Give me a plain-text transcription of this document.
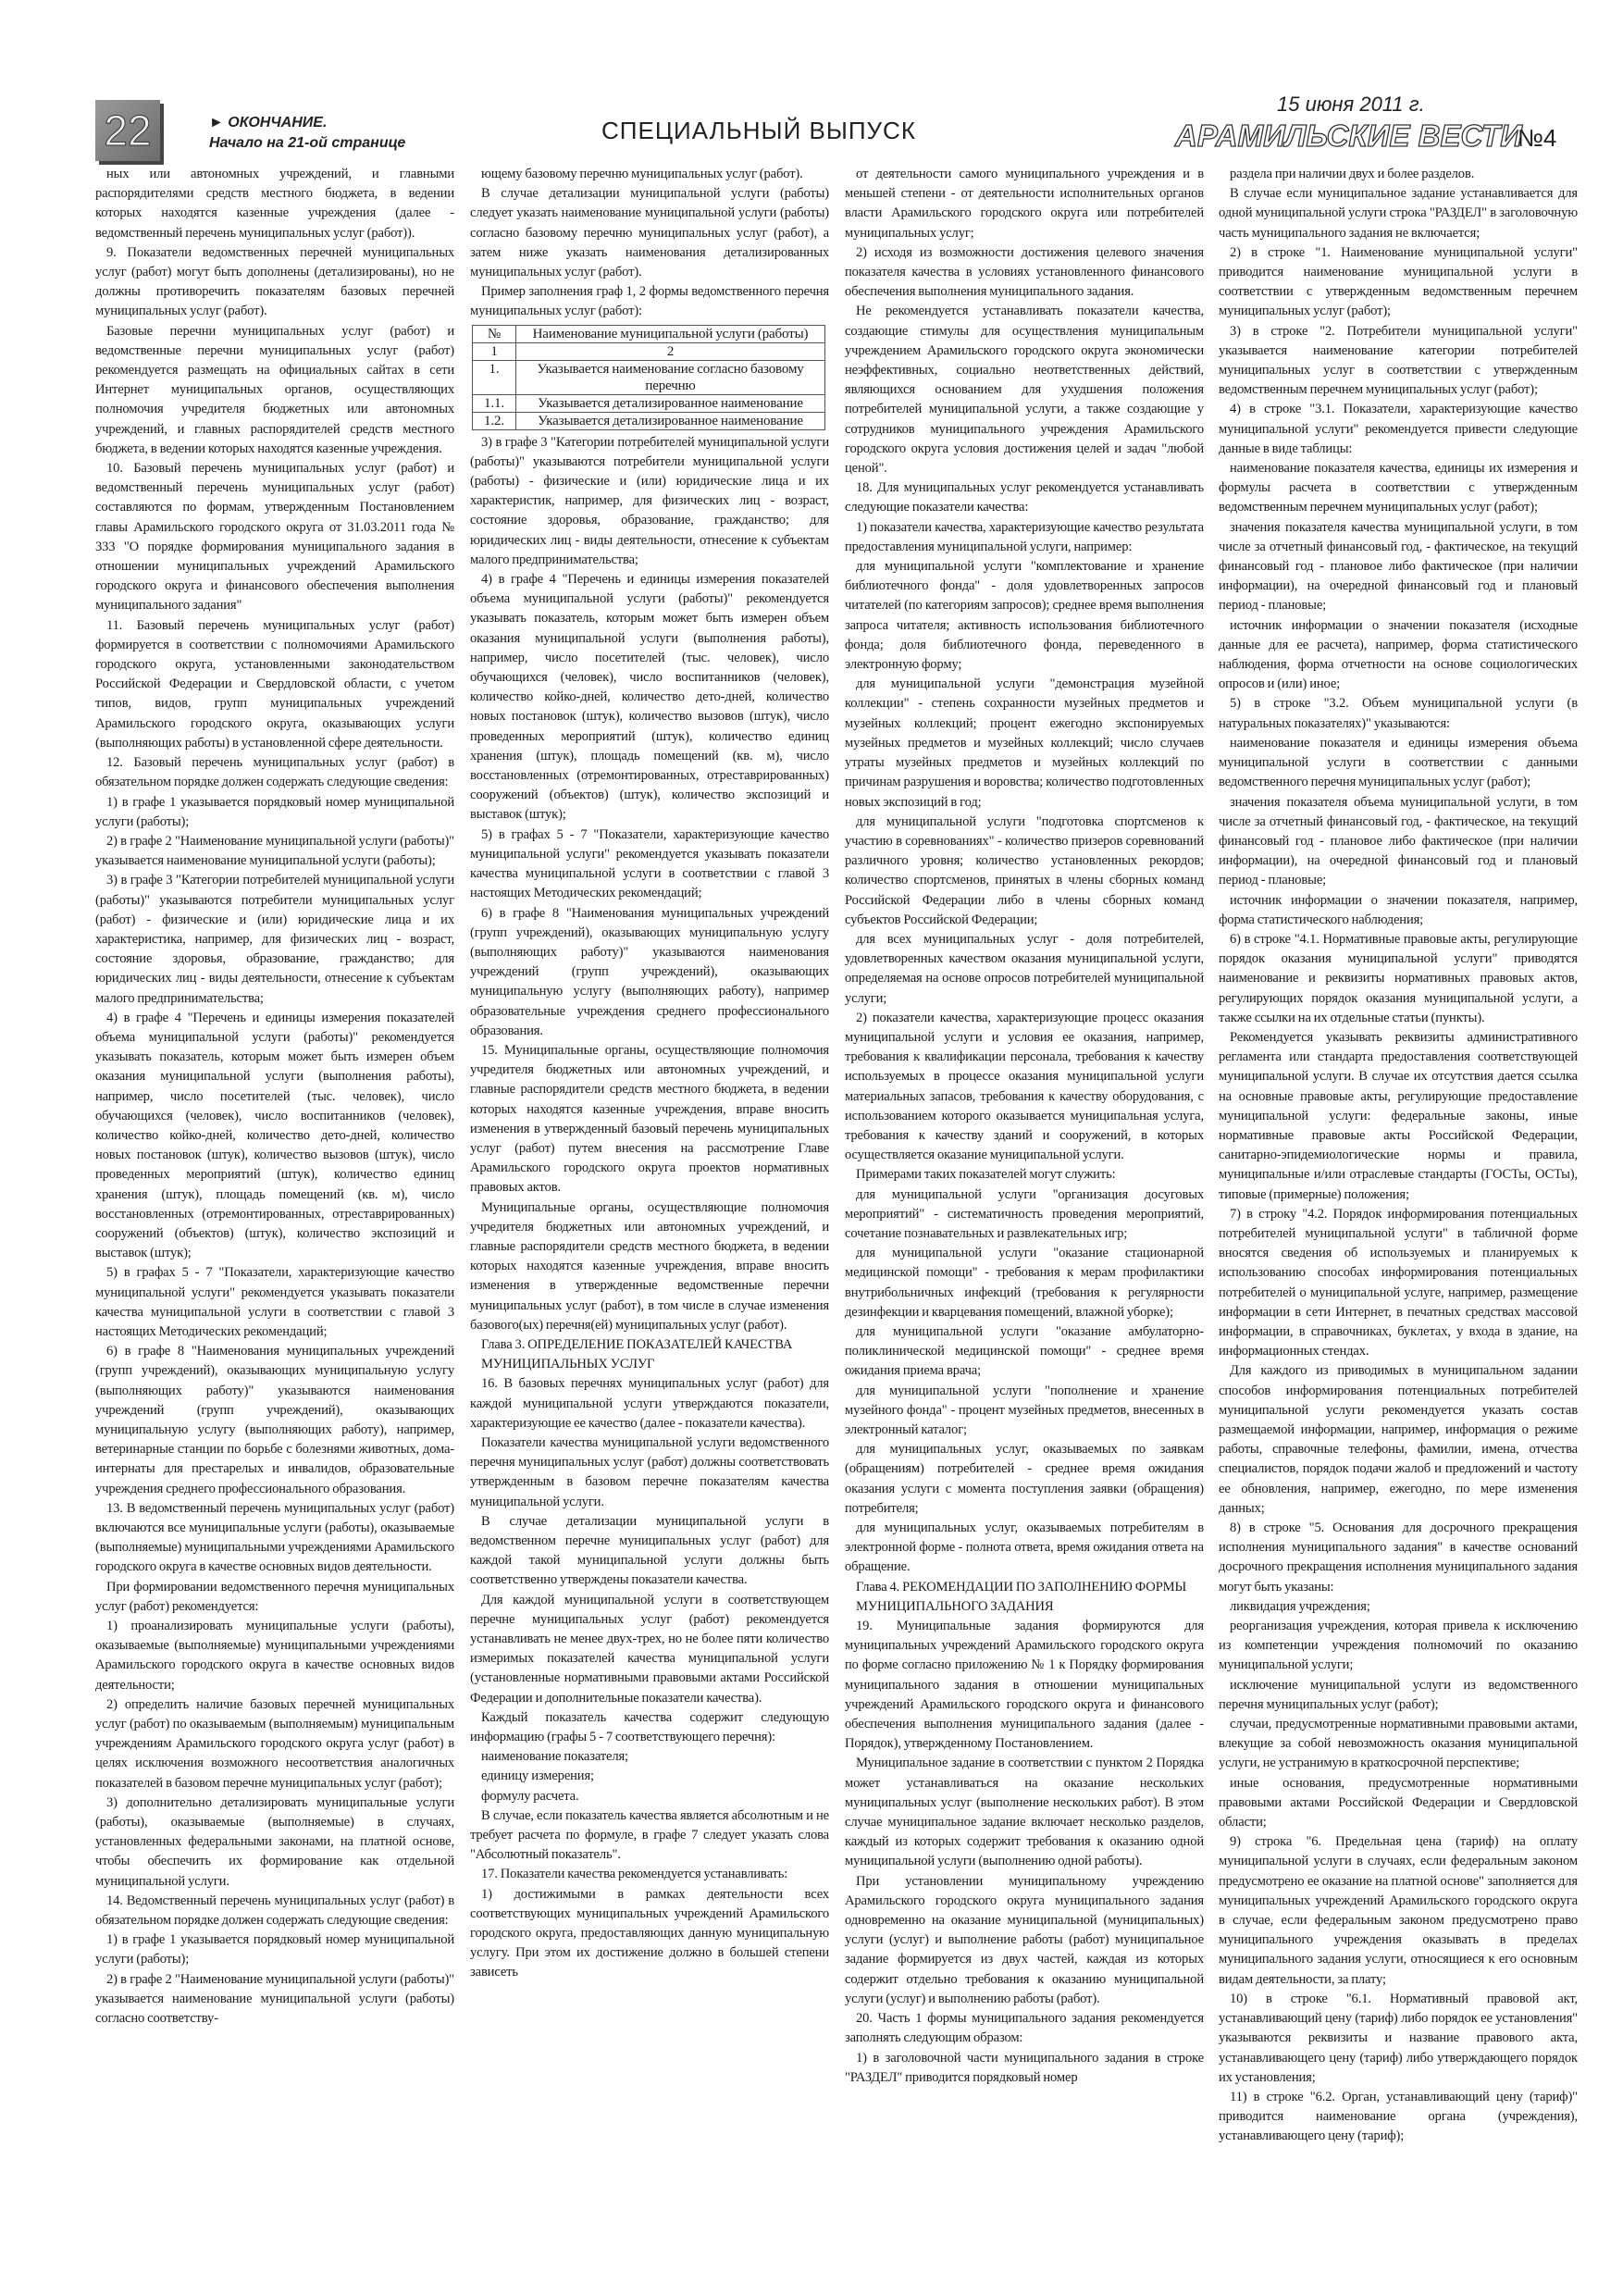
22	► ОКОНЧАНИЕ.
Начало на 21-ой странице	СПЕЦИАЛЬНЫЙ ВЫПУСК
15 июня 2011 г.
АРАМИЛЬСКИЕ ВЕСТИ
№4

ных или автономных учреждений, и главными распорядителями средств местного бюджета, в ведении которых находятся казенные учреждения (далее - ведомственный перечень муниципальных услуг (работ)).

9. Показатели ведомственных перечней муниципальных услуг (работ) могут быть дополнены (детализированы), но не должны противоречить показателям базовых перечней муниципальных услуг (работ).

Базовые перечни муниципальных услуг (работ) и ведомственные перечни муниципальных услуг (работ) рекомендуется размещать на официальных сайтах в сети Интернет муниципальных органов, осуществляющих полномочия учредителя бюджетных или автономных учреждений, и главных распорядителей средств местного бюджета, в ведении которых находятся казенные учреждения.

10. Базовый перечень муниципальных услуг (работ) и ведомственный перечень муниципальных услуг (работ) составляются по формам, утвержденным Постановлением главы Арамильского городского округа от 31.03.2011 года № 333 "О порядке формирования муниципального задания в отношении муниципальных учреждений Арамильского городского округа и финансового обеспечения выполнения муниципального задания"

11. Базовый перечень муниципальных услуг (работ) формируется в соответствии с полномочиями Арамильского городского округа, установленными законодательством Российской Федерации и Свердловской области, с учетом типов, видов, групп муниципальных учреждений Арамильского городского округа, оказывающих услуги (выполняющих работы) в установленной сфере деятельности.

12. Базовый перечень муниципальных услуг (работ) в обязательном порядке должен содержать следующие сведения:

1) в графе 1 указывается порядковый номер муниципальной услуги (работы);

2) в графе 2 "Наименование муниципальной услуги (работы)" указывается наименование муниципальной услуги (работы);

3) в графе 3 "Категории потребителей муниципальной услуги (работы)" указываются потребители муниципальных услуг (работ) - физические и (или) юридические лица и их характеристика, например, для физических лиц - возраст, состояние здоровья, образование, гражданство; для юридических лиц - виды деятельности, отнесение к субъектам малого предпринимательства;

4) в графе 4 "Перечень и единицы измерения показателей объема муниципальной услуги (работы)" рекомендуется указывать показатель, которым может быть измерен объем оказания муниципальной услуги (выполнения работы), например, число посетителей (тыс. человек), число обучающихся (человек), число воспитанников (человек), количество койко-дней, количество дето-дней, количество новых постановок (штук), количество вызовов (штук), число проведенных мероприятий (штук), количество единиц хранения (штук), площадь помещений (кв. м), число восстановленных (отремонтированных, отреставрированных) сооружений (объектов) (штук), количество экспозиций и выставок (штук);

5) в графах 5 - 7 "Показатели, характеризующие качество муниципальной услуги" рекомендуется указывать показатели качества муниципальной услуги в соответствии с главой 3 настоящих Методических рекомендаций;

6) в графе 8 "Наименования муниципальных учреждений (групп учреждений), оказывающих муниципальную услугу (выполняющих работу)" указываются наименования учреждений (групп учреждений), оказывающих муниципальную услугу (выполняющих работу), например, ветеринарные станции по борьбе с болезнями животных, дома-интернаты для престарелых и инвалидов, образовательные учреждения среднего профессионального образования.

13. В ведомственный перечень муниципальных услуг (работ) включаются все муниципальные услуги (работы), оказываемые (выполняемые) муниципальными учреждениями Арамильского городского округа в качестве основных видов деятельности.

При формировании ведомственного перечня муниципальных услуг (работ) рекомендуется:

1) проанализировать муниципальные услуги (работы), оказываемые (выполняемые) муниципальными учреждениями Арамильского городского округа в качестве основных видов деятельности;

2) определить наличие базовых перечней муниципальных услуг (работ) по оказываемым (выполняемым) муниципальным учреждениям Арамильского городского округа услуг (работ) в целях исключения возможного несоответствия аналогичных показателей в базовом перечне муниципальных услуг (работ);

3) дополнительно детализировать муниципальные услуги (работы), оказываемые (выполняемые) в случаях, установленных федеральными законами, на платной основе, чтобы обеспечить их формирование как отдельной муниципальной услуги.

14. Ведомственный перечень муниципальных услуг (работ) в обязательном порядке должен содержать следующие сведения:

1) в графе 1 указывается порядковый номер муниципальной услуги (работы);

2) в графе 2 "Наименование муниципальной услуги (работы)" указывается наименование муниципальной услуги (работы) согласно соответству-

ющему базовому перечню муниципальных услуг (работ).

В случае детализации муниципальной услуги (работы) следует указать наименование муниципальной услуги (работы) согласно базовому перечню муниципальных услуг (работ), а затем ниже указать наименования детализированных муниципальных услуг (работ).

Пример заполнения граф 1, 2 формы ведомственного перечня муниципальных услуг (работ):

№	Наименование муниципальной услуги (работы)
1	2
1.	Указывается наименование согласно базовому перечню
1.1.	Указывается детализированное наименование
1.2.	Указывается детализированное наименование

3) в графе 3 "Категории потребителей муниципальной услуги (работы)" указываются потребители муниципальной услуги (работы) - физические и (или) юридические лица и их характеристик, например, для физических лиц - возраст, состояние здоровья, образование, гражданство; для юридических лиц - виды деятельности, отнесение к субъектам малого предпринимательства;

4) в графе 4 "Перечень и единицы измерения показателей объема муниципальной услуги (работы)" рекомендуется указывать показатель, которым может быть измерен объем оказания муниципальной услуги (выполнения работы), например, число посетителей (тыс. человек), число обучающихся (человек), число воспитанников (человек), количество койко-дней, количество дето-дней, количество новых постановок (штук), количество вызовов (штук), число проведенных мероприятий (штук), количество единиц хранения (штук), площадь помещений (кв. м), число восстановленных (отремонтированных, отреставрированных) сооружений (объектов) (штук), количество экспозиций и выставок (штук);

5) в графах 5 - 7 "Показатели, характеризующие качество муниципальной услуги" рекомендуется указывать показатели качества муниципальной услуги в соответствии с главой 3 настоящих Методических рекомендаций;

6) в графе 8 "Наименования муниципальных учреждений (групп учреждений), оказывающих муниципальную услугу (выполняющих работу)" указываются наименования учреждений (групп учреждений), оказывающих муниципальную услугу (выполняющих работу), например образовательные учреждения среднего профессионального образования.

15. Муниципальные органы, осуществляющие полномочия учредителя бюджетных или автономных учреждений, и главные распорядители средств местного бюджета, в ведении которых находятся казенные учреждения, вправе вносить изменения в утвержденный базовый перечень муниципальных услуг (работ) путем внесения на рассмотрение Главе Арамильского городского округа проектов нормативных правовых актов.

Муниципальные органы, осуществляющие полномочия учредителя бюджетных или автономных учреждений, и главные распорядители средств местного бюджета, в ведении которых находятся казенные учреждения, вправе вносить изменения в утвержденные ведомственные перечни муниципальных услуг (работ), в том числе в случае изменения базового(ых) перечня(ей) муниципальных услуг (работ).

Глава 3. ОПРЕДЕЛЕНИЕ ПОКАЗАТЕЛЕЙ КАЧЕСТВА

МУНИЦИПАЛЬНЫХ УСЛУГ

16. В базовых перечнях муниципальных услуг (работ) для каждой муниципальной услуги утверждаются показатели, характеризующие ее качество (далее - показатели качества).

Показатели качества муниципальной услуги ведомственного перечня муниципальных услуг (работ) должны соответствовать утвержденным в базовом перечне показателям качества муниципальной услуги.

В случае детализации муниципальной услуги в ведомственном перечне муниципальных услуг (работ) для каждой такой муниципальной услуги должны быть соответственно утверждены показатели качества.

Для каждой муниципальной услуги в соответствующем перечне муниципальных услуг (работ) рекомендуется устанавливать не менее двух-трех, но не более пяти количество измеримых показателей качества муниципальной услуги (установленные нормативными правовыми актами Российской Федерации и дополнительные показатели качества).

Каждый показатель качества содержит следующую информацию (графы 5 - 7 соответствующего перечня):

наименование показателя;

единицу измерения;

формулу расчета.

В случае, если показатель качества является абсолютным и не требует расчета по формуле, в графе 7 следует указать слова "Абсолютный показатель".

17. Показатели качества рекомендуется устанавливать:

1) достижимыми в рамках деятельности всех соответствующих муниципальных учреждений Арамильского городского округа, предоставляющих данную муниципальную услугу. При этом их достижение должно в большей степени зависеть

от деятельности самого муниципального учреждения и в меньшей степени - от деятельности исполнительных органов власти Арамильского городского округа или потребителей муниципальных услуг;

2) исходя из возможности достижения целевого значения показателя качества в условиях установленного финансового обеспечения выполнения муниципального задания.

Не рекомендуется устанавливать показатели качества, создающие стимулы для осуществления муниципальным учреждением Арамильского городского округа экономически неэффективных, социально неответственных действий, являющихся основанием для ухудшения положения потребителей муниципальной услуги, а также создающие у сотрудников муниципального учреждения Арамильского городского округа условия достижения целей и задач "любой ценой".

18. Для муниципальных услуг рекомендуется устанавливать следующие показатели качества:

1) показатели качества, характеризующие качество результата предоставления муниципальной услуги, например:

для муниципальной услуги "комплектование и хранение библиотечного фонда" - доля удовлетворенных запросов читателей (по категориям запросов); среднее время выполнения запроса читателя; активность использования библиотечного фонда; доля библиотечного фонда, переведенного в электронную форму;

для муниципальной услуги "демонстрация музейной коллекции" - степень сохранности музейных предметов и музейных коллекций; процент ежегодно экспонируемых музейных предметов и музейных коллекций; число случаев утраты музейных предметов и музейных коллекций по причинам разрушения и воровства; количество подготовленных новых экспозиций в год;

для муниципальной услуги "подготовка спортсменов к участию в соревнованиях" - количество призеров соревнований различного уровня; количество установленных рекордов; количество спортсменов, принятых в члены сборных команд Российской Федерации либо в члены сборных команд субъектов Российской Федерации;

для всех муниципальных услуг - доля потребителей, удовлетворенных качеством оказания муниципальной услуги, определяемая на основе опросов потребителей муниципальной услуги;

2) показатели качества, характеризующие процесс оказания муниципальной услуги и условия ее оказания, например, требования к квалификации персонала, требования к качеству используемых в процессе оказания муниципальной услуги материальных запасов, требования к качеству оборудования, с использованием которого оказывается муниципальная услуга, требования к качеству зданий и сооружений, в которых осуществляется оказание муниципальной услуги.

Примерами таких показателей могут служить:

для муниципальной услуги "организация досуговых мероприятий" - систематичность проведения мероприятий, сочетание познавательных и развлекательных игр;

для муниципальной услуги "оказание стационарной медицинской помощи" - требования к мерам профилактики внутрибольничных инфекций (требования к регулярности дезинфекции и кварцевания помещений, влажной уборке);

для муниципальной услуги "оказание амбулаторно-поликлинической медицинской помощи" - среднее время ожидания приема врача;

для муниципальной услуги "пополнение и хранение музейного фонда" - процент музейных предметов, внесенных в электронный каталог;

для муниципальных услуг, оказываемых по заявкам (обращениям) потребителей - среднее время ожидания оказания услуги с момента поступления заявки (обращения) потребителя;

для муниципальных услуг, оказываемых потребителям в электронной форме - полнота ответа, время ожидания ответа на обращение.

Глава 4. РЕКОМЕНДАЦИИ ПО ЗАПОЛНЕНИЮ ФОРМЫ

МУНИЦИПАЛЬНОГО ЗАДАНИЯ

19. Муниципальные задания формируются для муниципальных учреждений Арамильского городского округа по форме согласно приложению № 1 к Порядку формирования муниципального задания в отношении муниципальных учреждений Арамильского городского округа и финансового обеспечения выполнения муниципального задания (далее - Порядок), утвержденному Постановлением.

Муниципальное задание в соответствии с пунктом 2 Порядка может устанавливаться на оказание нескольких муниципальных услуг (выполнение нескольких работ). В этом случае муниципальное задание включает несколько разделов, каждый из которых содержит требования к оказанию одной муниципальной услуги (выполнению одной работы).

При установлении муниципальному учреждению Арамильского городского округа муниципального задания одновременно на оказание муниципальной (муниципальных) услуги (услуг) и выполнение работы (работ) муниципальное задание формируется из двух частей, каждая из которых содержит отдельно требования к оказанию муниципальной услуги (услуг) и выполнению работы (работ).

20. Часть 1 формы муниципального задания рекомендуется заполнять следующим образом:

1) в заголовочной части муниципального задания в строке "РАЗДЕЛ" приводится порядковый номер

раздела при наличии двух и более разделов.

В случае если муниципальное задание устанавливается для одной муниципальной услуги строка "РАЗДЕЛ" в заголовочную часть муниципального задания не включается;

2) в строке "1. Наименование муниципальной услуги" приводится наименование муниципальной услуги в соответствии с утвержденным ведомственным перечнем муниципальных услуг (работ);

3) в строке "2. Потребители муниципальной услуги" указывается наименование категории потребителей муниципальных услуг в соответствии с утвержденным ведомственным перечнем муниципальных услуг (работ);

4) в строке "3.1. Показатели, характеризующие качество муниципальной услуги" рекомендуется привести следующие данные в виде таблицы:

наименование показателя качества, единицы их измерения и формулы расчета в соответствии с утвержденным ведомственным перечнем муниципальных услуг (работ);

значения показателя качества муниципальной услуги, в том числе за отчетный финансовый год, - фактическое, на текущий финансовый год - плановое либо фактическое (при наличии информации), на очередной финансовый год и плановый период - плановые;

источник информации о значении показателя (исходные данные для ее расчета), например, форма статистического наблюдения, форма отчетности на основе социологических опросов и (или) иное;

5) в строке "3.2. Объем муниципальной услуги (в натуральных показателях)" указываются:

наименование показателя и единицы измерения объема муниципальной услуги в соответствии с данными ведомственного перечня муниципальных услуг (работ);

значения показателя объема муниципальной услуги, в том числе за отчетный финансовый год, - фактическое, на текущий финансовый год - плановое либо фактическое (при наличии информации), на очередной финансовый год и плановый период - плановые;

источник информации о значении показателя, например, форма статистического наблюдения;

6) в строке "4.1. Нормативные правовые акты, регулирующие порядок оказания муниципальной услуги" приводятся наименование и реквизиты нормативных правовых актов, регулирующих порядок оказания муниципальной услуги, а также ссылки на их отдельные статьи (пункты).

Рекомендуется указывать реквизиты административного регламента или стандарта предоставления соответствующей муниципальной услуги. В случае их отсутствия дается ссылка на основные правовые акты, регулирующие предоставление муниципальной услуги: федеральные законы, иные нормативные правовые акты Российской Федерации, санитарно-эпидемиологические нормы и правила, муниципальные и/или отраслевые стандарты (ГОСТы, ОСТы), типовые (примерные) положения;

7) в строку "4.2. Порядок информирования потенциальных потребителей муниципальной услуги" в табличной форме вносятся сведения об используемых и планируемых к использованию способах информирования потенциальных потребителей о муниципальной услуге, например, размещение информации в сети Интернет, в печатных средствах массовой информации, в справочниках, буклетах, у входа в здание, на информационных стендах.

Для каждого из приводимых в муниципальном задании способов информирования потенциальных потребителей муниципальной услуги рекомендуется указать состав размещаемой информации, например, информация о режиме работы, справочные телефоны, фамилии, имена, отчества специалистов, порядок подачи жалоб и предложений и частоту ее обновления, например, ежегодно, по мере изменения данных;

8) в строке "5. Основания для досрочного прекращения исполнения муниципального задания" в качестве оснований досрочного прекращения исполнения муниципального задания могут быть указаны:

ликвидация учреждения;

реорганизация учреждения, которая привела к исключению из компетенции учреждения полномочий по оказанию муниципальной услуги;

исключение муниципальной услуги из ведомственного перечня муниципальных услуг (работ);

случаи, предусмотренные нормативными правовыми актами, влекущие за собой невозможность оказания муниципальной услуги, не устранимую в краткосрочной перспективе;

иные основания, предусмотренные нормативными правовыми актами Российской Федерации и Свердловской области;

9) строка "6. Предельная цена (тариф) на оплату муниципальной услуги в случаях, если федеральным законом предусмотрено ее оказание на платной основе" заполняется для муниципальных учреждений Арамильского городского округа в случае, если федеральным законом предусмотрено право муниципального учреждения оказывать в пределах муниципального задания услуги, относящиеся к его основным видам деятельности, за плату;

10) в строке "6.1. Нормативный правовой акт, устанавливающий цену (тариф) либо порядок ее установления" указываются реквизиты и название правового акта, устанавливающего цену (тариф) либо утверждающего порядок их установления;

11) в строке "6.2. Орган, устанавливающий цену (тариф)" приводится наименование органа (учреждения), устанавливающего цену (тариф);
